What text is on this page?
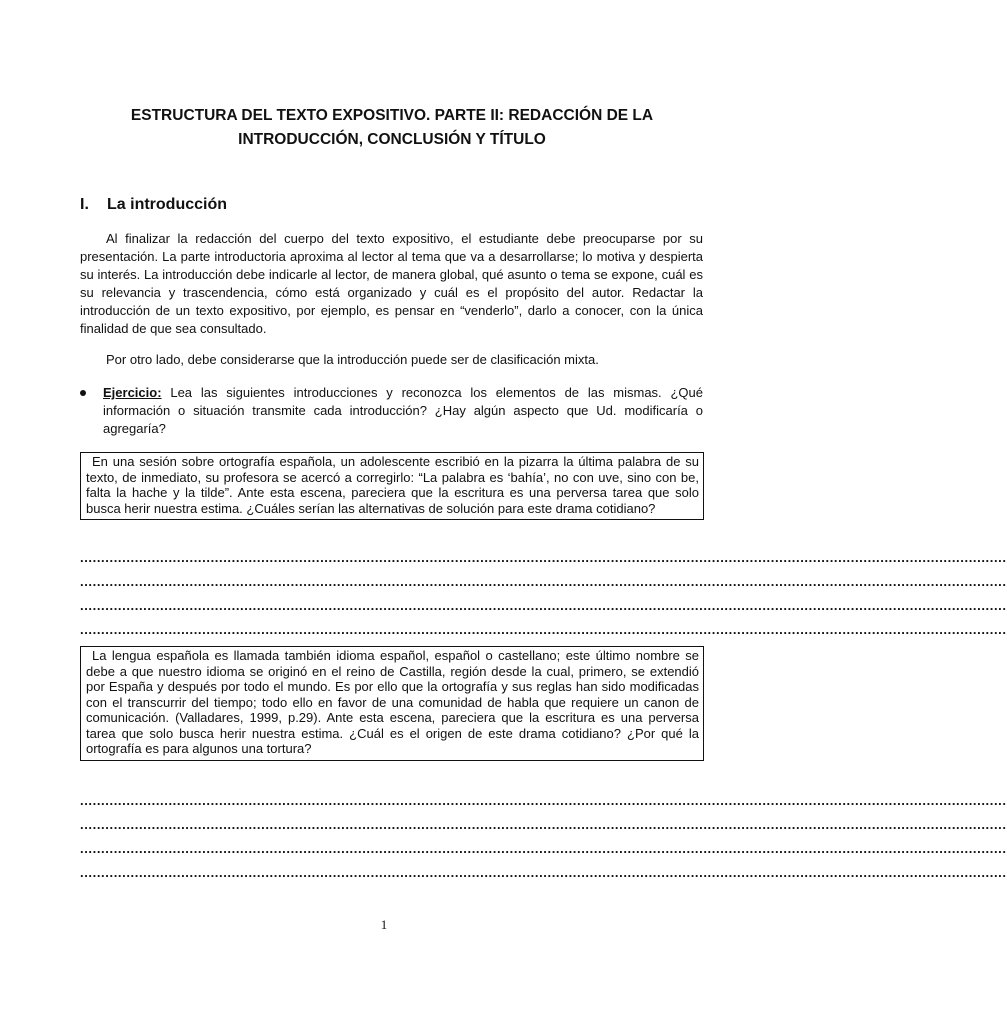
ESTRUCTURA DEL TEXTO EXPOSITIVO. PARTE II: REDACCIÓN DE LA
INTRODUCCIÓN, CONCLUSIÓN Y TÍTULO
I. La introducción
Al finalizar la redacción del cuerpo del texto expositivo, el estudiante debe preocuparse por su presentación. La parte introductoria aproxima al lector al tema que va a desarrollarse; lo motiva y despierta su interés. La introducción debe indicarle al lector, de manera global, qué asunto o tema se expone, cuál es su relevancia y trascendencia, cómo está organizado y cuál es el propósito del autor. Redactar la introducción de un texto expositivo, por ejemplo, es pensar en “venderlo”, darlo a conocer, con la única finalidad de que sea consultado.
Por otro lado, debe considerarse que la introducción puede ser de clasificación mixta.
Ejercicio: Lea las siguientes introducciones y reconozca los elementos de las mismas. ¿Qué información o situación transmite cada introducción? ¿Hay algún aspecto que Ud. modificaría o agregaría?
En una sesión sobre ortografía española, un adolescente escribió en la pizarra la última palabra de su texto, de inmediato, su profesora se acercó a corregirlo: “La palabra es ‘bahía’, no con uve, sino con be, falta la hache y la tilde”. Ante esta escena, pareciera que la escritura es una perversa tarea que solo busca herir nuestra estima. ¿Cuáles serían las alternativas de solución para este drama cotidiano?
............................................................................................................................................................................................................................
............................................................................................................................................................................................................................
............................................................................................................................................................................................................................
............................................................................................................................................................................................................................
La lengua española es llamada también idioma español, español o castellano; este último nombre se debe a que nuestro idioma se originó en el reino de Castilla, región desde la cual, primero, se extendió por España y después por todo el mundo. Es por ello que la ortografía y sus reglas han sido modificadas con el transcurrir del tiempo; todo ello en favor de una comunidad de habla que requiere un canon de comunicación. (Valladares, 1999, p.29). Ante esta escena, pareciera que la escritura es una perversa tarea que solo busca herir nuestra estima. ¿Cuál es el origen de este drama cotidiano? ¿Por qué la ortografía es para algunos una tortura?
............................................................................................................................................................................................................................
............................................................................................................................................................................................................................
............................................................................................................................................................................................................................
............................................................................................................................................................................................................................
1
